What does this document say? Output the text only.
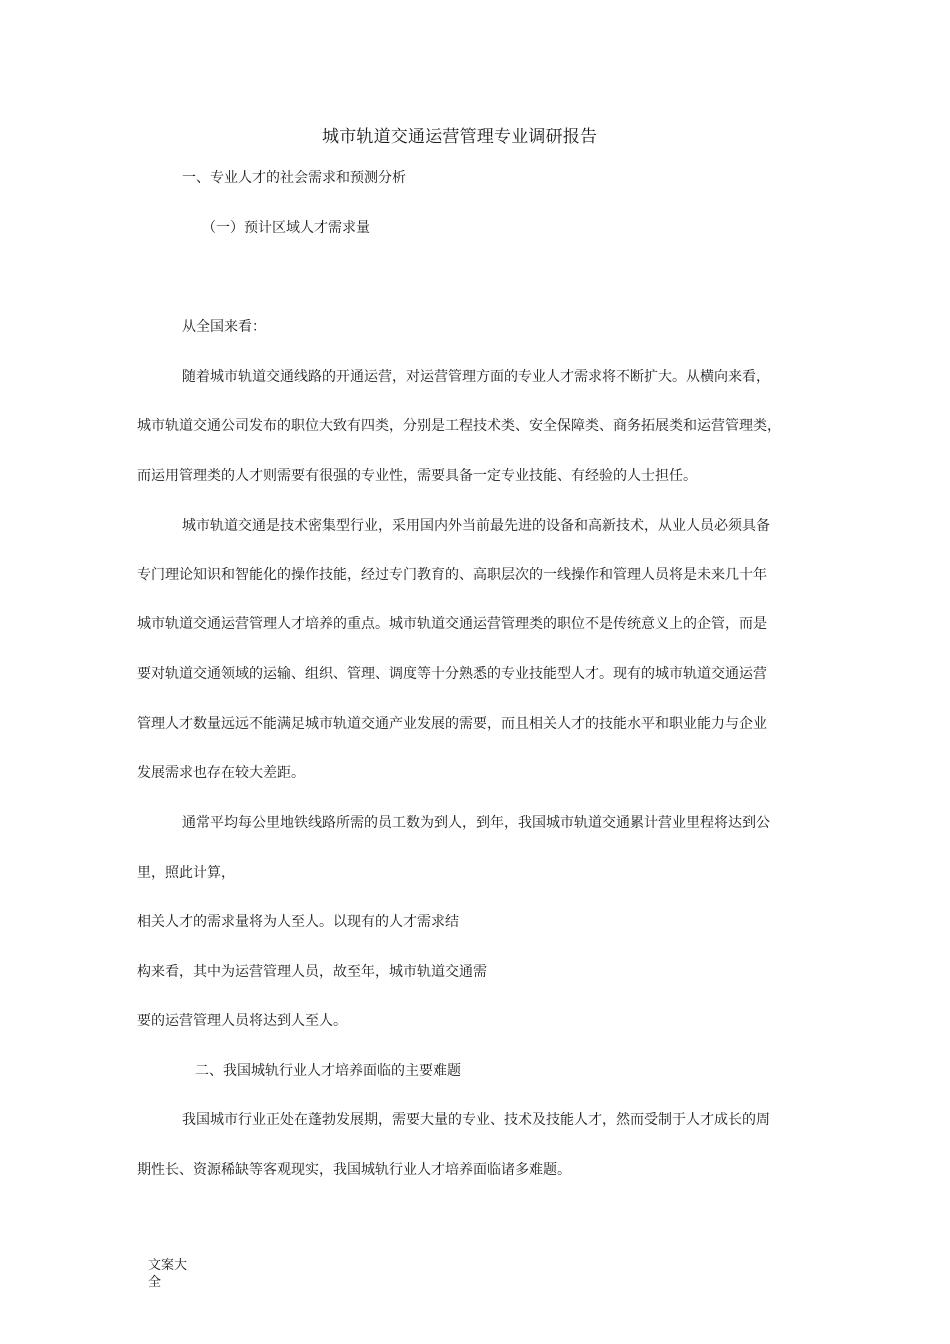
城市轨道交通运营管理专业调研报告
一、专业人才的社会需求和预测分析
（一）预计区域人才需求量
从全国来看：
随着城市轨道交通线路的开通运营，对运营管理方面的专业人才需求将不断扩大。从横向来看，
城市轨道交通公司发布的职位大致有四类，分别是工程技术类、安全保障类、商务拓展类和运营管理类，
而运用管理类的人才则需要有很强的专业性，需要具备一定专业技能、有经验的人士担任。
城市轨道交通是技术密集型行业，采用国内外当前最先进的设备和高新技术，从业人员必须具备
专门理论知识和智能化的操作技能，经过专门教育的、高职层次的一线操作和管理人员将是未来几十年
城市轨道交通运营管理人才培养的重点。城市轨道交通运营管理类的职位不是传统意义上的企管，而是
要对轨道交通领域的运输、组织、管理、调度等十分熟悉的专业技能型人才。现有的城市轨道交通运营
管理人才数量远远不能满足城市轨道交通产业发展的需要，而且相关人才的技能水平和职业能力与企业
发展需求也存在较大差距。
通常平均每公里地铁线路所需的员工数为到人，到年，我国城市轨道交通累计营业里程将达到公
里，照此计算，
相关人才的需求量将为人至人。以现有的人才需求结
构来看，其中为运营管理人员，故至年，城市轨道交通需
要的运营管理人员将达到人至人。
二、我国城轨行业人才培养面临的主要难题
我国城市行业正处在蓬勃发展期，需要大量的专业、技术及技能人才，然而受制于人才成长的周
期性长、资源稀缺等客观现实，我国城轨行业人才培养面临诸多难题。
文案大
全
